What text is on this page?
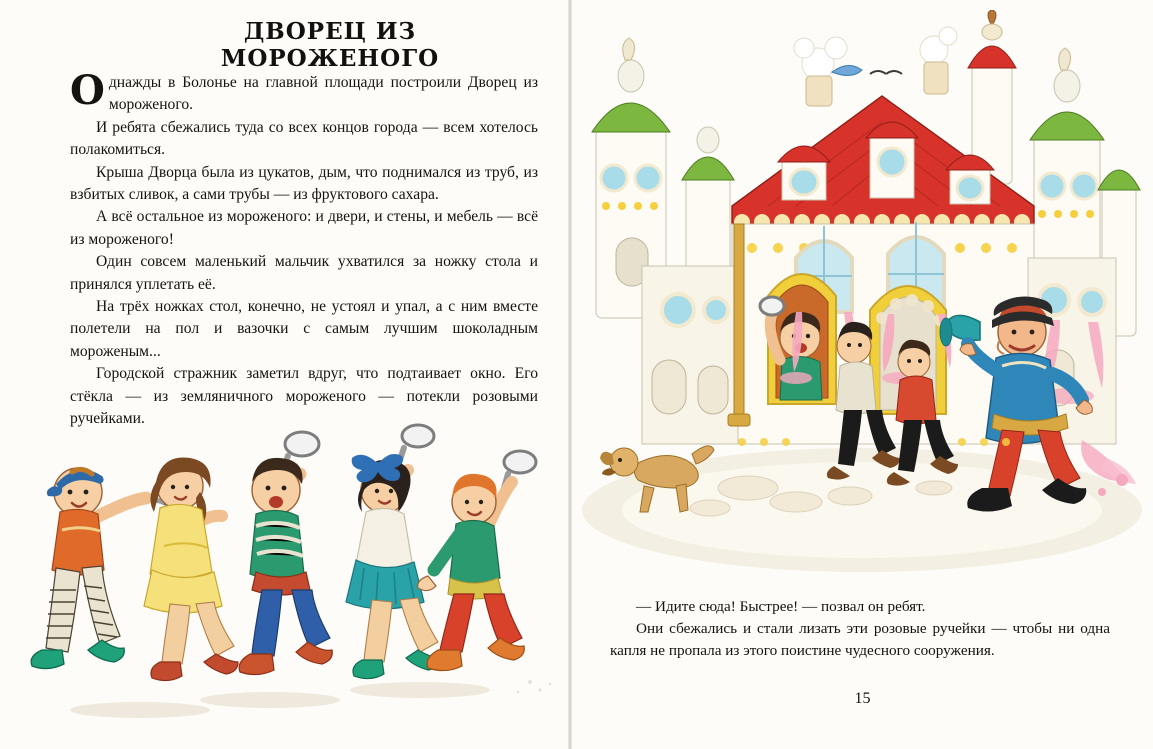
ДВОРЕЦ ИЗ МОРОЖЕНОГО

Однажды в Болонье на главной площади построили Дворец из мороженого.

И ребята сбежались туда со всех концов города — всем хотелось полакомиться.

Крыша Дворца была из цукатов, дым, что поднимался из труб, из взбитых сливок, а сами трубы — из фруктового сахара.

А всё остальное из мороженого: и двери, и стены, и мебель — всё из мороженого!

Один совсем маленький мальчик ухватился за ножку стола и принялся уплетать её.

На трёх ножках стол, конечно, не устоял и упал, а с ним вместе полетели на пол и вазочки с самым лучшим шоколадным мороженым...

Городской стражник заметил вдруг, что подтаивает окно. Его стёкла — из земляничного мороженого — потекли розовыми ручейками.

— Идите сюда! Быстрее! — позвал он ребят.

Они сбежались и стали лизать эти розовые ручейки — чтобы ни одна капля не пропала из этого поистине чудесного сооружения.

15
